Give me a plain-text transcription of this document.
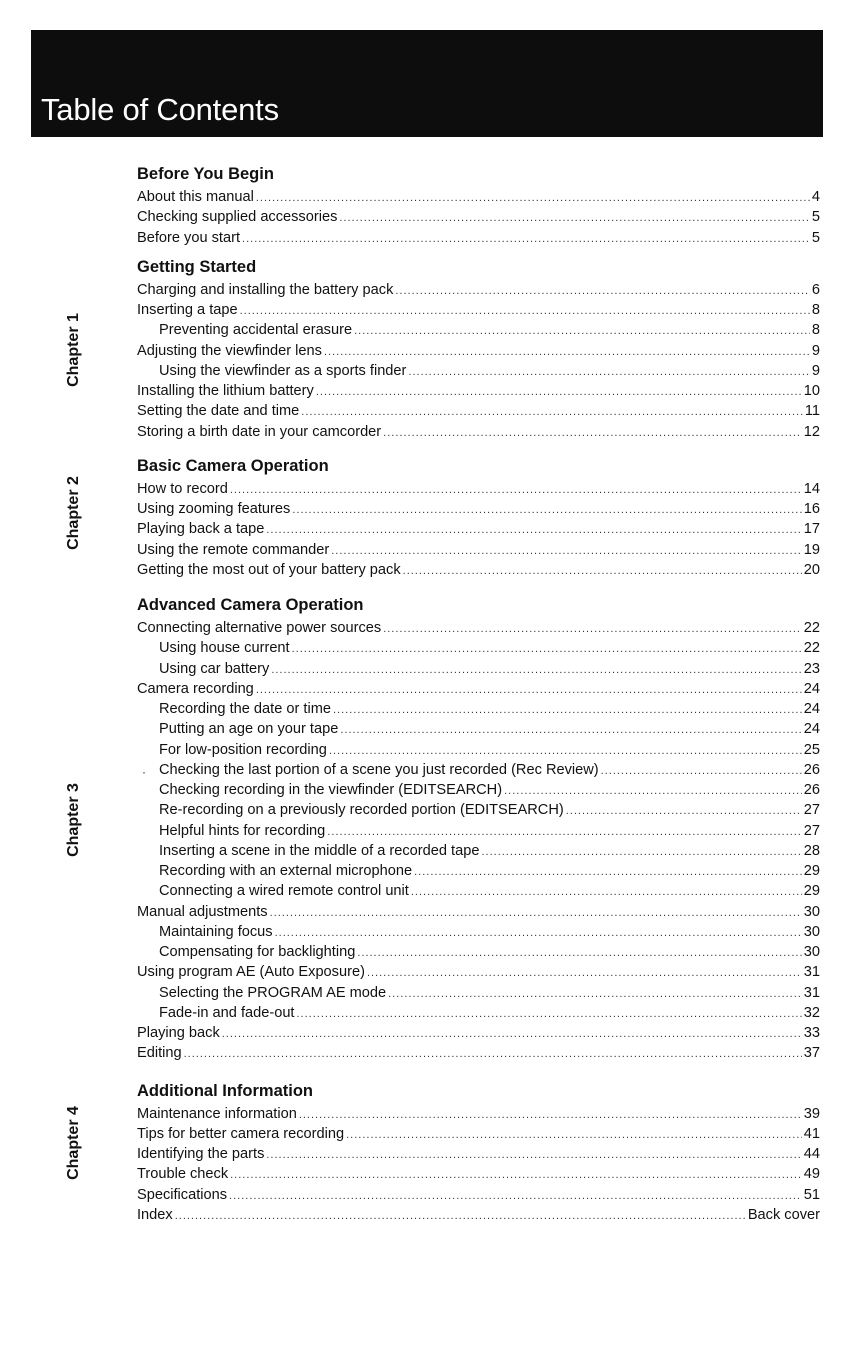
Table of Contents
Chapter 1
Chapter 2
Chapter 3
Chapter 4
·
Before You Begin
About this manual .....	4
Checking supplied accessories .....	5
Before you start .....	5
Getting Started
Charging and installing the battery pack .....	6
Inserting a tape .....	8
Preventing accidental erasure .....	8
Adjusting the viewfinder lens .....	9
Using the viewfinder as a sports finder .....	9
Installing the lithium battery .....	10
Setting the date and time .....	11
Storing a birth date in your camcorder .....	12
Basic Camera Operation
How to record .....	14
Using zooming features .....	16
Playing back a tape .....	17
Using the remote commander .....	19
Getting the most out of your battery pack .....	20
Advanced Camera Operation
Connecting alternative power sources .....	22
Using house current .....	22
Using car battery .....	23
Camera recording .....	24
Recording the date or time .....	24
Putting an age on your tape .....	24
For low-position recording .....	25
Checking the last portion of a scene you just recorded (Rec Review) .....	26
Checking recording in the viewfinder (EDITSEARCH) .....	26
Re-recording on a previously recorded portion (EDITSEARCH) .....	27
Helpful hints for recording .....	27
Inserting a scene in the middle of a recorded tape .....	28
Recording with an external microphone .....	29
Connecting a wired remote control unit .....	29
Manual adjustments .....	30
Maintaining focus .....	30
Compensating for backlighting .....	30
Using program AE (Auto Exposure) .....	31
Selecting the PROGRAM AE mode .....	31
Fade-in and fade-out .....	32
Playing back .....	33
Editing .....	37
Additional Information
Maintenance information .....	39
Tips for better camera recording .....	41
Identifying the parts .....	44
Trouble check .....	49
Specifications .....	51
Index .....	Back cover
